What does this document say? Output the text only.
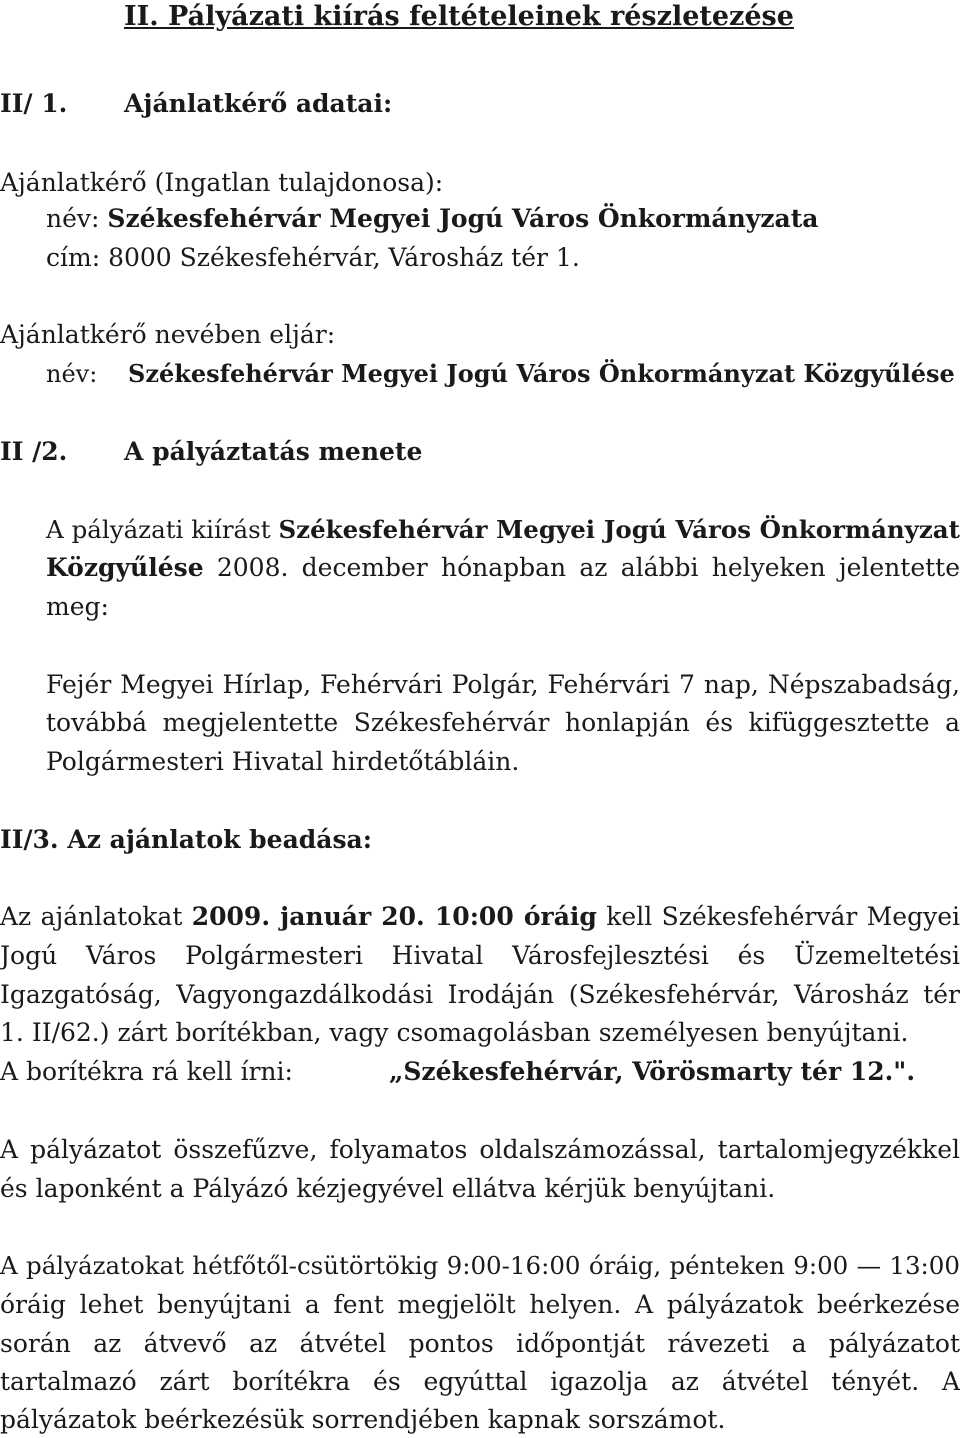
II. Pályázati kiírás feltételeinek részletezése
II/ 1. Ajánlatkérő adatai:
Ajánlatkérő (Ingatlan tulajdonosa):
név: Székesfehérvár Megyei Jogú Város Önkormányzata
cím: 8000 Székesfehérvár, Városház tér 1.
Ajánlatkérő nevében eljár:
név: Székesfehérvár Megyei Jogú Város Önkormányzat Közgyűlése
II /2. A pályáztatás menete
A pályázati kiírást Székesfehérvár Megyei Jogú Város Önkormányzat
Közgyűlése 2008. december hónapban az alábbi helyeken jelentette
meg:
Fejér Megyei Hírlap, Fehérvári Polgár, Fehérvári 7 nap, Népszabadság,
továbbá megjelentette Székesfehérvár honlapján és kifüggesztette a
Polgármesteri Hivatal hirdetőtábláin.
II/3. Az ajánlatok beadása:
Az ajánlatokat 2009. január 20. 10:00 óráig kell Székesfehérvár Megyei
Jogú Város Polgármesteri Hivatal Városfejlesztési és Üzemeltetési
Igazgatóság, Vagyongazdálkodási Irodáján (Székesfehérvár, Városház tér
1. II/62.) zárt borítékban, vagy csomagolásban személyesen benyújtani.
A borítékra rá kell írni:	„Székesfehérvár, Vörösmarty tér 12.".
A pályázatot összefűzve, folyamatos oldalszámozással, tartalomjegyzékkel
és laponként a Pályázó kézjegyével ellátva kérjük benyújtani.
A pályázatokat hétfőtől-csütörtökig 9:00-16:00 óráig, pénteken 9:00 — 13:00
óráig lehet benyújtani a fent megjelölt helyen. A pályázatok beérkezése
során az átvevő az átvétel pontos időpontját rávezeti a pályázatot
tartalmazó zárt borítékra és egyúttal igazolja az átvétel tényét. A
pályázatok beérkezésük sorrendjében kapnak sorszámot.
